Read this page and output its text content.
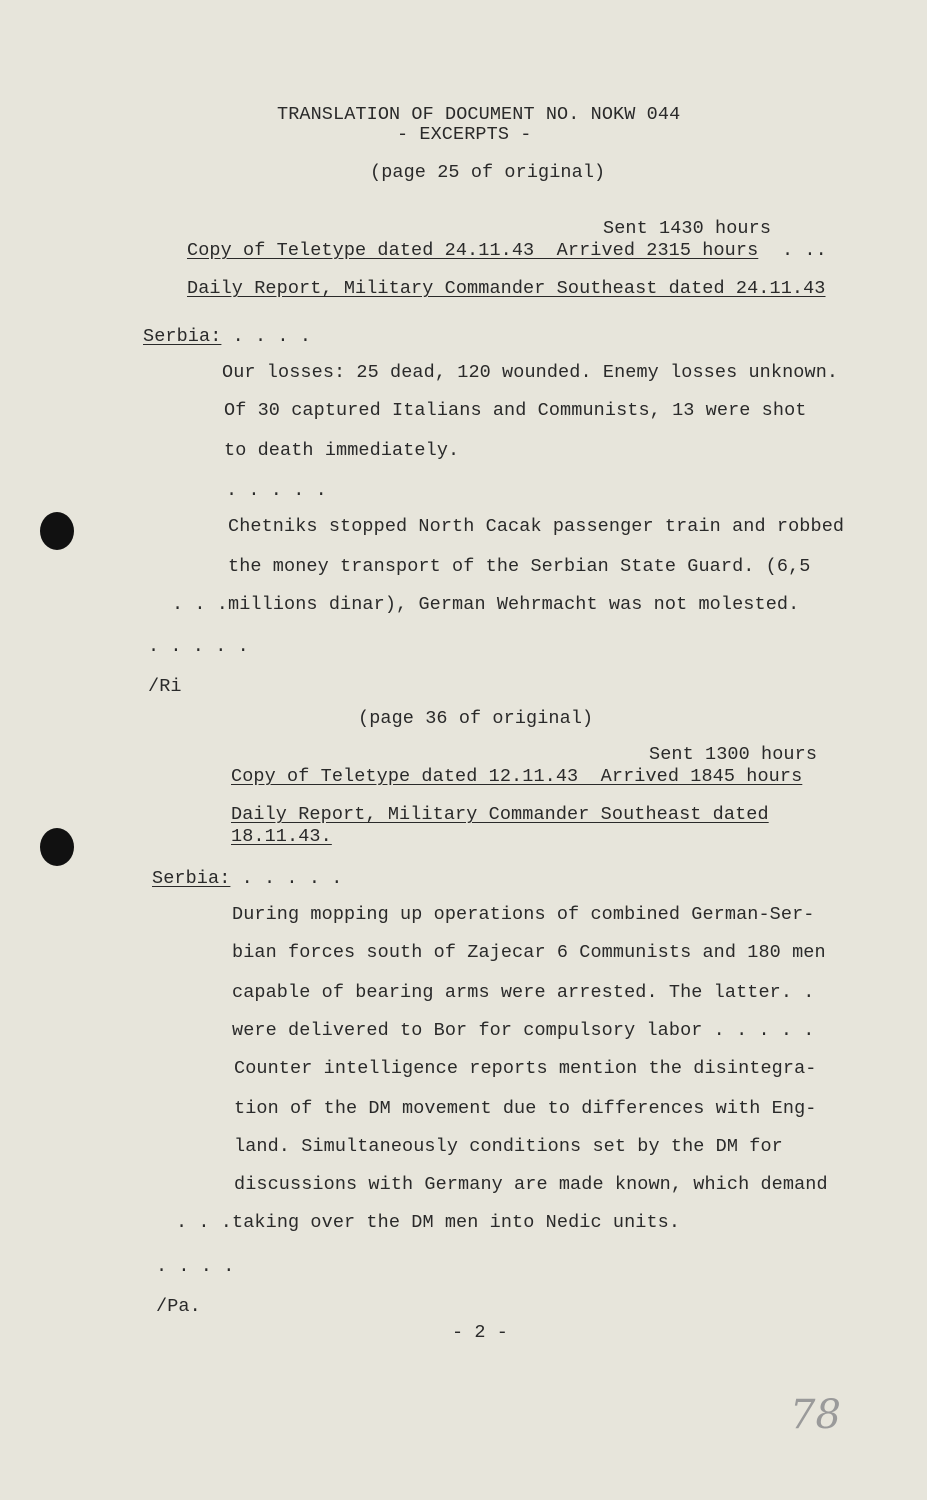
TRANSLATION OF DOCUMENT NO. NOKW 044
- EXCERPTS -
(page 25 of original)
Sent 1430 hours
Copy of Teletype dated 24.11.43  Arrived 2315 hours . ..
Daily Report, Military Commander Southeast dated 24.11.43
Serbia: . . . .
Our losses: 25 dead, 120 wounded. Enemy losses unknown.
Of 30 captured Italians and Communists, 13 were shot
to death immediately.
. . . . .
Chetniks stopped North Cacak passenger train and robbed
the money transport of the Serbian State Guard. (6,5
. . .millions dinar), German Wehrmacht was not molested.
. . . . .
/Ri
(page 36 of original)
Sent 1300 hours
Copy of Teletype dated 12.11.43  Arrived 1845 hours
Daily Report, Military Commander Southeast dated
18.11.43.
Serbia: . . . . .
During mopping up operations of combined German-Ser-
bian forces south of Zajecar 6 Communists and 180 men
capable of bearing arms were arrested. The latter. .
were delivered to Bor for compulsory labor . . . . .
Counter intelligence reports mention the disintegra-
tion of the DM movement due to differences with Eng-
land. Simultaneously conditions set by the DM for
discussions with Germany are made known, which demand
. . .taking over the DM men into Nedic units.
. . . .
/Pa.
- 2 -
78
